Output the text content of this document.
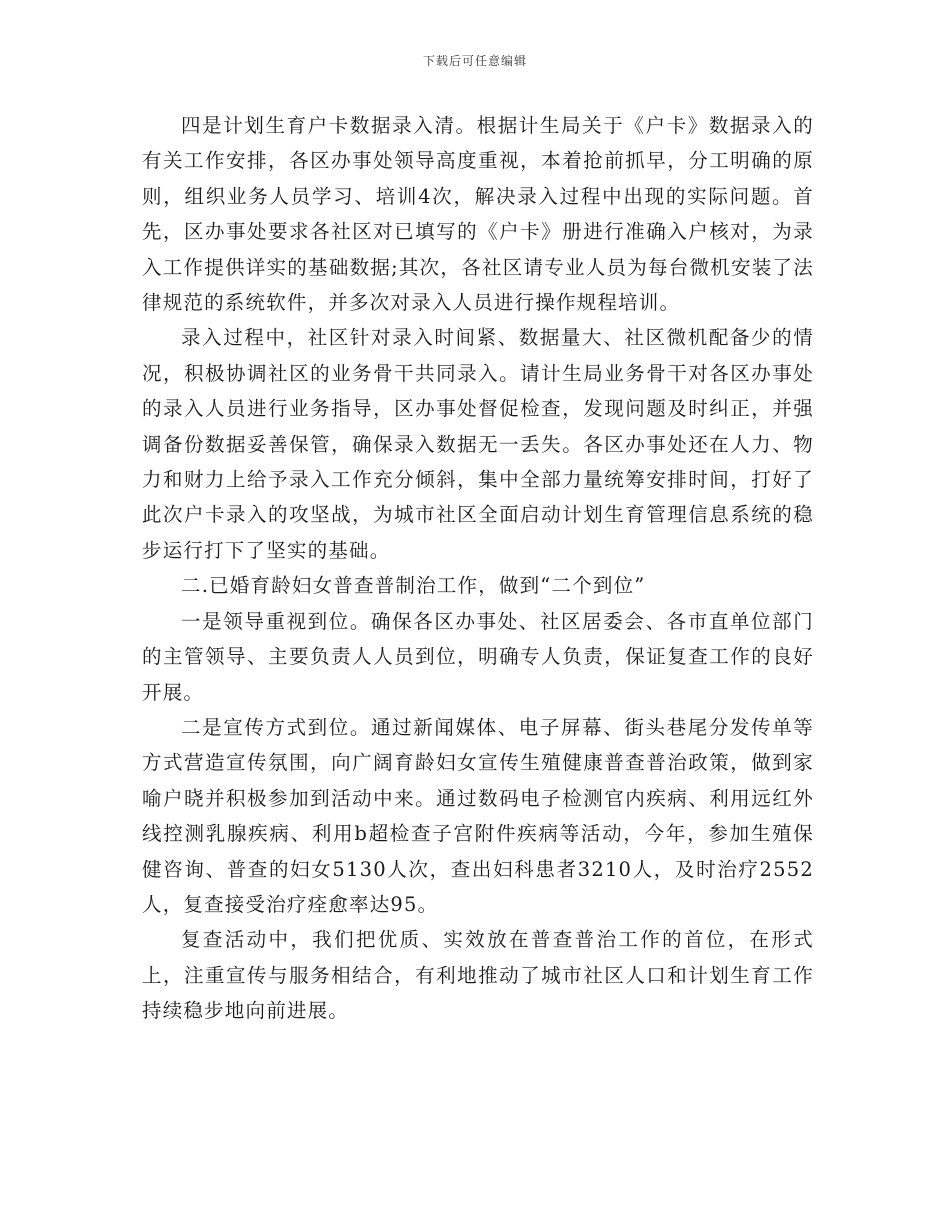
下载后可任意编辑

四是计划生育户卡数据录入清。根据计生局关于《户卡》数据录入的有关工作安排，各区办事处领导高度重视，本着抢前抓早，分工明确的原则，组织业务人员学习、培训4次，解决录入过程中出现的实际问题。首先，区办事处要求各社区对已填写的《户卡》册进行准确入户核对，为录入工作提供详实的基础数据;其次，各社区请专业人员为每台微机安装了法律规范的系统软件，并多次对录入人员进行操作规程培训。

录入过程中，社区针对录入时间紧、数据量大、社区微机配备少的情况，积极协调社区的业务骨干共同录入。请计生局业务骨干对各区办事处的录入人员进行业务指导，区办事处督促检查，发现问题及时纠正，并强调备份数据妥善保管，确保录入数据无一丢失。各区办事处还在人力、物力和财力上给予录入工作充分倾斜，集中全部力量统筹安排时间，打好了此次户卡录入的攻坚战，为城市社区全面启动计划生育管理信息系统的稳步运行打下了坚实的基础。

二.已婚育龄妇女普查普制治工作，做到“二个到位”

一是领导重视到位。确保各区办事处、社区居委会、各市直单位部门的主管领导、主要负责人人员到位，明确专人负责，保证复查工作的良好开展。

二是宣传方式到位。通过新闻媒体、电子屏幕、街头巷尾分发传单等方式营造宣传氛围，向广阔育龄妇女宣传生殖健康普查普治政策，做到家喻户晓并积极参加到活动中来。通过数码电子检测官内疾病、利用远红外线控测乳腺疾病、利用b超检查子宫附件疾病等活动，今年，参加生殖保健咨询、普查的妇女5130人次，查出妇科患者3210人，及时治疗2552人，复查接受治疗痊愈率达95。

复查活动中，我们把优质、实效放在普查普治工作的首位，在形式上，注重宣传与服务相结合，有利地推动了城市社区人口和计划生育工作持续稳步地向前进展。
